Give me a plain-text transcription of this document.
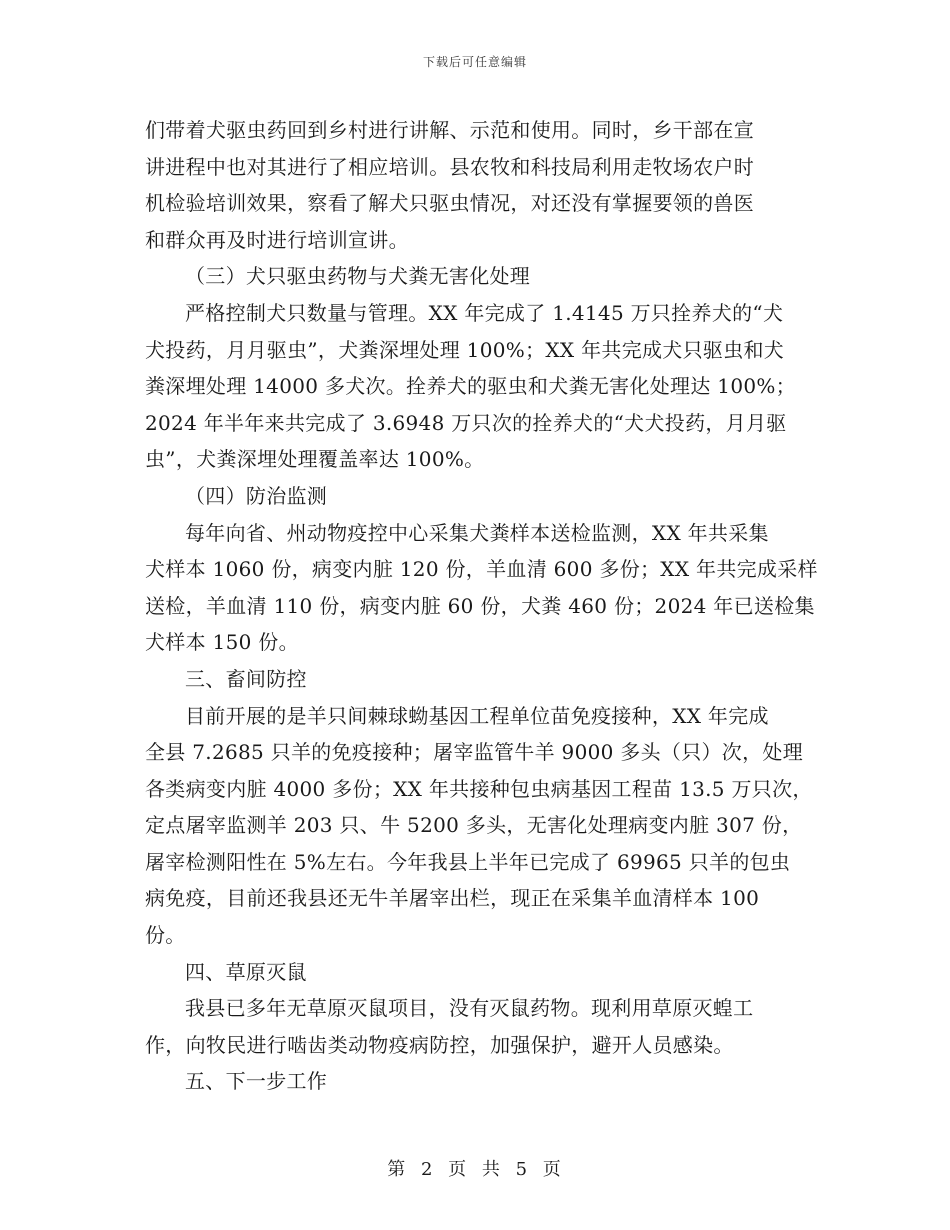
下载后可任意编辑
们带着犬驱虫药回到乡村进行讲解、示范和使用。同时，乡干部在宣
讲进程中也对其进行了相应培训。县农牧和科技局利用走牧场农户时
机检验培训效果，察看了解犬只驱虫情况，对还没有掌握要领的兽医
和群众再及时进行培训宣讲。
（三）犬只驱虫药物与犬粪无害化处理
严格控制犬只数量与管理。XX 年完成了 1.4145 万只拴养犬的“犬
犬投药，月月驱虫”，犬粪深埋处理 100%；XX 年共完成犬只驱虫和犬
粪深埋处理 14000 多犬次。拴养犬的驱虫和犬粪无害化处理达 100%；
2024 年半年来共完成了 3.6948 万只次的拴养犬的“犬犬投药，月月驱
虫”，犬粪深埋处理覆盖率达 100%。
（四）防治监测
每年向省、州动物疫控中心采集犬粪样本送检监测，XX 年共采集
犬样本 1060 份，病变内脏 120 份，羊血清 600 多份；XX 年共完成采样
送检，羊血清 110 份，病变内脏 60 份，犬粪 460 份；2024 年已送检集
犬样本 150 份。
三、畜间防控
目前开展的是羊只间棘球蚴基因工程单位苗免疫接种，XX 年完成
全县 7.2685 只羊的免疫接种；屠宰监管牛羊 9000 多头（只）次，处理
各类病变内脏 4000 多份；XX 年共接种包虫病基因工程苗 13.5 万只次，
定点屠宰监测羊 203 只、牛 5200 多头，无害化处理病变内脏 307 份，
屠宰检测阳性在 5%左右。今年我县上半年已完成了 69965 只羊的包虫
病免疫，目前还我县还无牛羊屠宰出栏，现正在采集羊血清样本 100
份。
四、草原灭鼠
我县已多年无草原灭鼠项目，没有灭鼠药物。现利用草原灭蝗工
作，向牧民进行啮齿类动物疫病防控，加强保护，避开人员感染。
五、下一步工作
第 2 页 共 5 页
